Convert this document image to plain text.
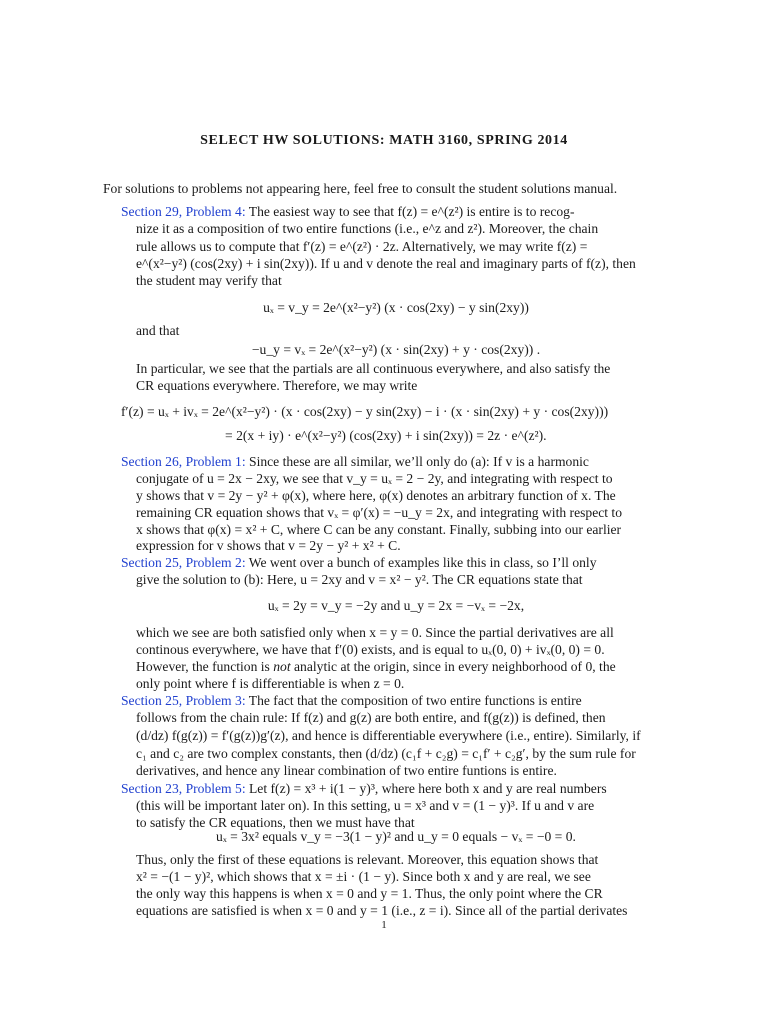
SELECT HW SOLUTIONS: MATH 3160, SPRING 2014
For solutions to problems not appearing here, feel free to consult the student solutions manual.
Section 29, Problem 4: The easiest way to see that f(z) = e^(z²) is entire is to recog-
nize it as a composition of two entire functions (i.e., e^z and z²). Moreover, the chain
rule allows us to compute that f′(z) = e^(z²) · 2z. Alternatively, we may write f(z) =
e^(x²−y²) (cos(2xy) + i sin(2xy)). If u and v denote the real and imaginary parts of f(z), then
the student may verify that
uₓ = v_y = 2e^(x²−y²) (x · cos(2xy) − y sin(2xy))
and that
−u_y = vₓ = 2e^(x²−y²) (x · sin(2xy) + y · cos(2xy)) .
In particular, we see that the partials are all continuous everywhere, and also satisfy the
CR equations everywhere. Therefore, we may write
f′(z) = uₓ + ivₓ = 2e^(x²−y²) · (x · cos(2xy) − y sin(2xy) − i · (x · sin(2xy) + y · cos(2xy)))
= 2(x + iy) · e^(x²−y²) (cos(2xy) + i sin(2xy)) = 2z · e^(z²).
Section 26, Problem 1: Since these are all similar, we’ll only do (a): If v is a harmonic
conjugate of u = 2x − 2xy, we see that v_y = uₓ = 2 − 2y, and integrating with respect to
y shows that v = 2y − y² + φ(x), where here, φ(x) denotes an arbitrary function of x. The
remaining CR equation shows that vₓ = φ′(x) = −u_y = 2x, and integrating with respect to
x shows that φ(x) = x² + C, where C can be any constant. Finally, subbing into our earlier
expression for v shows that v = 2y − y² + x² + C.
Section 25, Problem 2: We went over a bunch of examples like this in class, so I’ll only
give the solution to (b): Here, u = 2xy and v = x² − y². The CR equations state that
uₓ = 2y = v_y = −2y and u_y = 2x = −vₓ = −2x,
which we see are both satisfied only when x = y = 0. Since the partial derivatives are all
continous everywhere, we have that f′(0) exists, and is equal to uₓ(0, 0) + ivₓ(0, 0) = 0.
However, the function is not analytic at the origin, since in every neighborhood of 0, the
only point where f is differentiable is when z = 0.
Section 25, Problem 3: The fact that the composition of two entire functions is entire
follows from the chain rule: If f(z) and g(z) are both entire, and f(g(z)) is defined, then
(d/dz) f(g(z)) = f′(g(z))g′(z), and hence is differentiable everywhere (i.e., entire). Similarly, if
c₁ and c₂ are two complex constants, then (d/dz) (c₁f + c₂g) = c₁f′ + c₂g′, by the sum rule for
derivatives, and hence any linear combination of two entire funtions is entire.
Section 23, Problem 5: Let f(z) = x³ + i(1 − y)³, where here both x and y are real numbers
(this will be important later on). In this setting, u = x³ and v = (1 − y)³. If u and v are
to satisfy the CR equations, then we must have that
uₓ = 3x² equals v_y = −3(1 − y)² and u_y = 0 equals − vₓ = −0 = 0.
Thus, only the first of these equations is relevant. Moreover, this equation shows that
x² = −(1 − y)², which shows that x = ±i · (1 − y). Since both x and y are real, we see
the only way this happens is when x = 0 and y = 1. Thus, the only point where the CR
equations are satisfied is when x = 0 and y = 1 (i.e., z = i). Since all of the partial derivates
1
